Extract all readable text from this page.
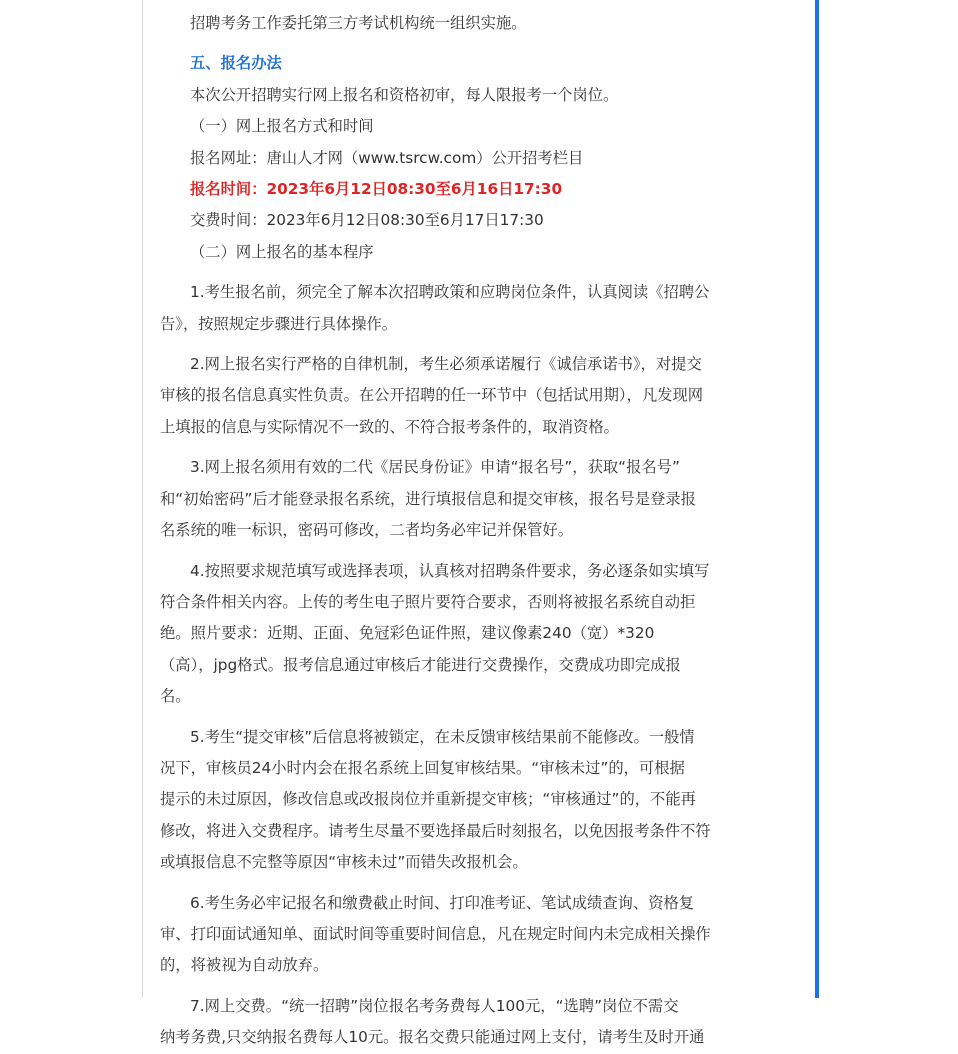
招聘考务工作委托第三方考试机构统一组织实施。

五、报名办法

本次公开招聘实行网上报名和资格初审，每人限报考一个岗位。

（一）网上报名方式和时间

报名网址：唐山人才网（www.tsrcw.com）公开招考栏目

报名时间：2023年6月12日08:30至6月16日17:30

交费时间：2023年6月12日08:30至6月17日17:30

（二）网上报名的基本程序

1.考生报名前，须完全了解本次招聘政策和应聘岗位条件，认真阅读《招聘公

告》，按照规定步骤进行具体操作。

2.网上报名实行严格的自律机制，考生必须承诺履行《诚信承诺书》，对提交

审核的报名信息真实性负责。在公开招聘的任一环节中（包括试用期），凡发现网

上填报的信息与实际情况不一致的、不符合报考条件的，取消资格。

3.网上报名须用有效的二代《居民身份证》申请“报名号”，获取“报名号”

和“初始密码”后才能登录报名系统，进行填报信息和提交审核，报名号是登录报

名系统的唯一标识，密码可修改，二者均务必牢记并保管好。

4.按照要求规范填写或选择表项，认真核对招聘条件要求，务必逐条如实填写

符合条件相关内容。上传的考生电子照片要符合要求，否则将被报名系统自动拒

绝。照片要求：近期、正面、免冠彩色证件照，建议像素240（宽）*320

（高），jpg格式。报考信息通过审核后才能进行交费操作，交费成功即完成报

名。

5.考生“提交审核”后信息将被锁定，在未反馈审核结果前不能修改。一般情

况下，审核员24小时内会在报名系统上回复审核结果。“审核未过”的，可根据

提示的未过原因，修改信息或改报岗位并重新提交审核；“审核通过”的，不能再

修改，将进入交费程序。请考生尽量不要选择最后时刻报名，以免因报考条件不符

或填报信息不完整等原因“审核未过”而错失改报机会。

6.考生务必牢记报名和缴费截止时间、打印准考证、笔试成绩查询、资格复

审、打印面试通知单、面试时间等重要时间信息，凡在规定时间内未完成相关操作

的，将被视为自动放弃。

7.网上交费。“统一招聘”岗位报名考务费每人100元，“选聘”岗位不需交

纳考务费,只交纳报名费每人10元。报名交费只能通过网上支付，请考生及时开通
